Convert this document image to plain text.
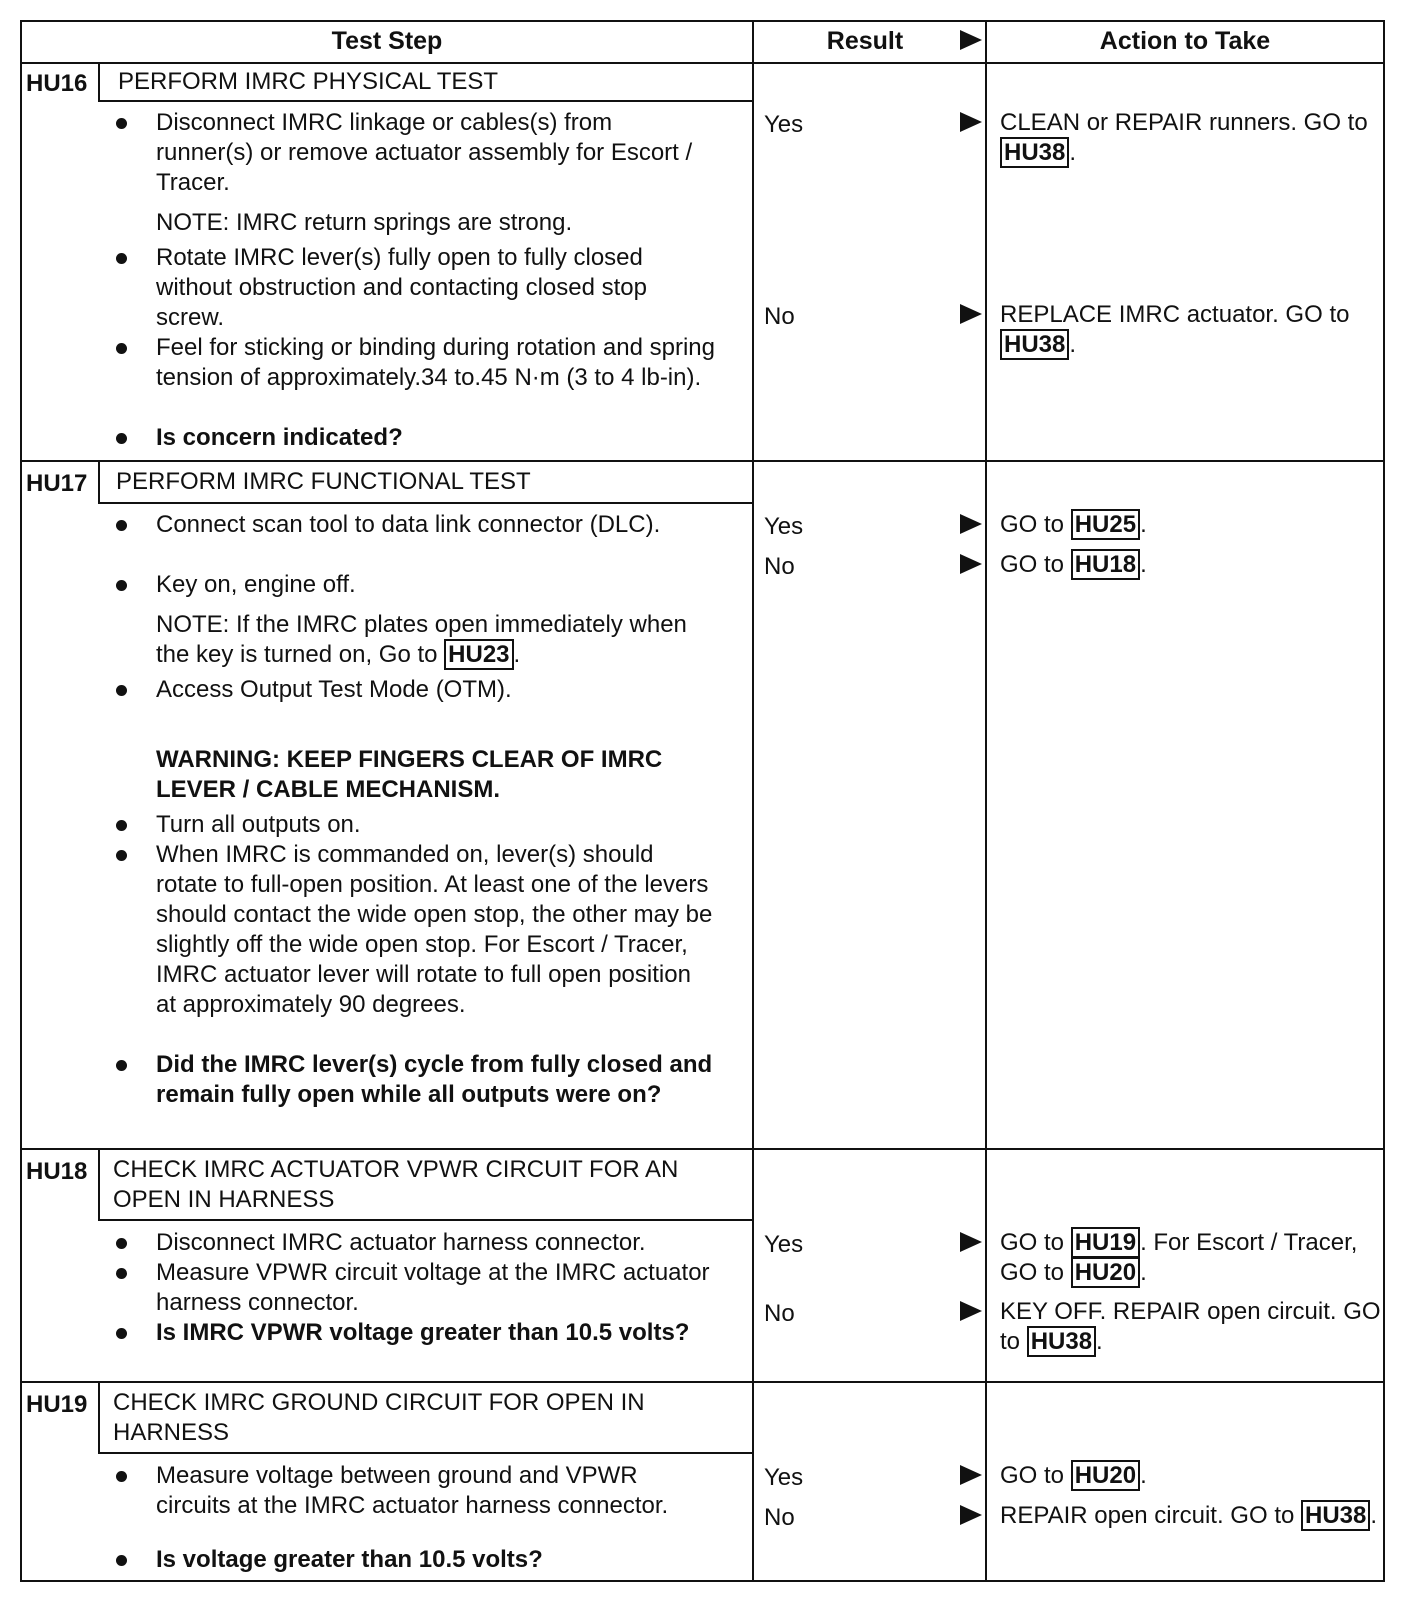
Test Step	Result	Action to Take
HU16 PERFORM IMRC PHYSICAL TEST
Disconnect IMRC linkage or cables(s) from runner(s) or remove actuator assembly for Escort / Tracer.
NOTE: IMRC return springs are strong.
Rotate IMRC lever(s) fully open to fully closed without obstruction and contacting closed stop screw.
Feel for sticking or binding during rotation and spring tension of approximately.34 to.45 N·m (3 to 4 lb-in).
Is concern indicated?
Yes	CLEAN or REPAIR runners. GO to HU38 .
No	REPLACE IMRC actuator. GO to HU38 .
HU17 PERFORM IMRC FUNCTIONAL TEST
Connect scan tool to data link connector (DLC).
Key on, engine off.
NOTE: If the IMRC plates open immediately when the key is turned on, Go to HU23 .
Access Output Test Mode (OTM).
WARNING: KEEP FINGERS CLEAR OF IMRC LEVER / CABLE MECHANISM.
Turn all outputs on.
When IMRC is commanded on, lever(s) should rotate to full-open position. At least one of the levers should contact the wide open stop, the other may be slightly off the wide open stop. For Escort / Tracer, IMRC actuator lever will rotate to full open position at approximately 90 degrees.
Did the IMRC lever(s) cycle from fully closed and remain fully open while all outputs were on?
Yes	GO to HU25 .
No	GO to HU18 .
HU18 CHECK IMRC ACTUATOR VPWR CIRCUIT FOR AN OPEN IN HARNESS
Disconnect IMRC actuator harness connector.
Measure VPWR circuit voltage at the IMRC actuator harness connector.
Is IMRC VPWR voltage greater than 10.5 volts?
Yes	GO to HU19 . For Escort / Tracer, GO to HU20 .
No	KEY OFF. REPAIR open circuit. GO to HU38 .
HU19 CHECK IMRC GROUND CIRCUIT FOR OPEN IN HARNESS
Measure voltage between ground and VPWR circuits at the IMRC actuator harness connector.
Is voltage greater than 10.5 volts?
Yes	GO to HU20 .
No	REPAIR open circuit. GO to HU38 .
